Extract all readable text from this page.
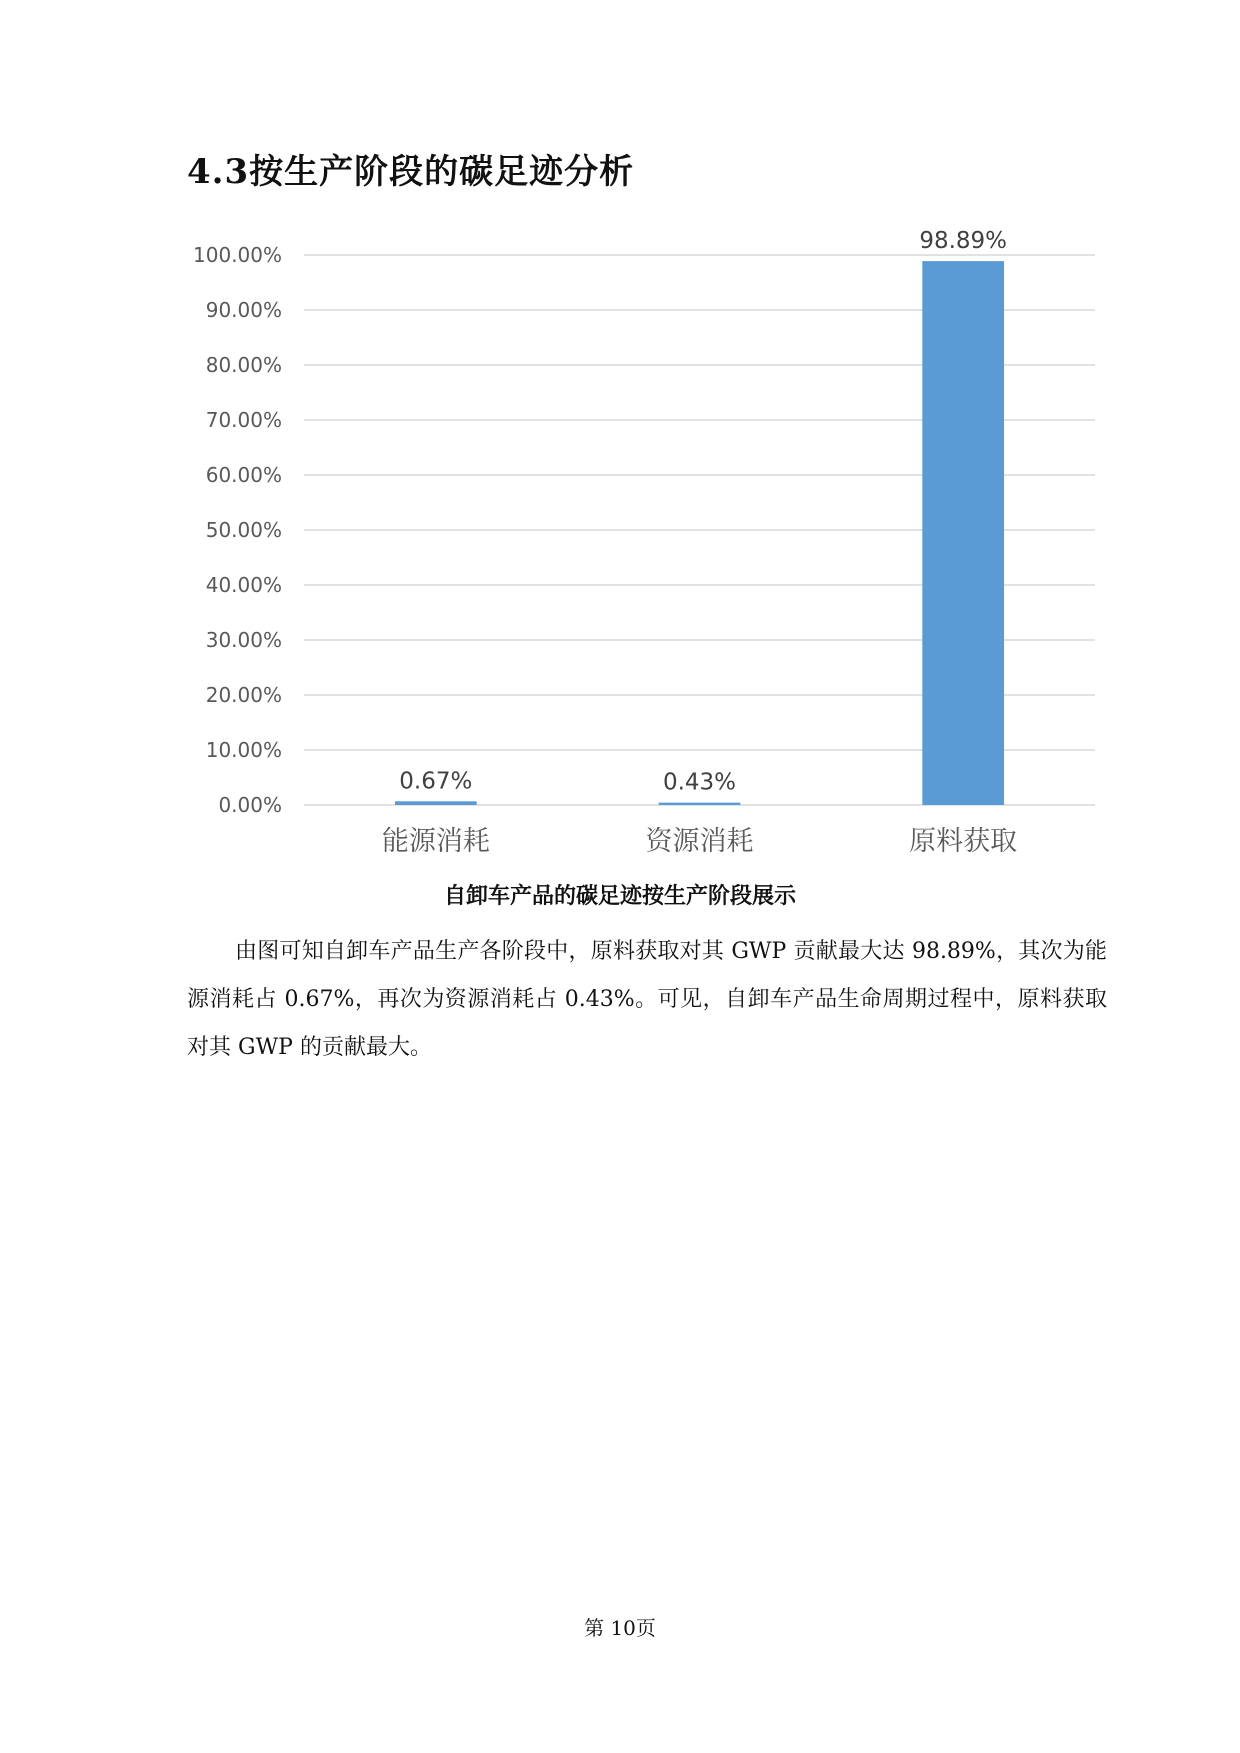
4.3按生产阶段的碳足迹分析
0.00%
10.00%
20.00%
30.00%
40.00%
50.00%
60.00%
70.00%
80.00%
90.00%
100.00%
0.67%	0.43%
98.89%
能源消耗	资源消耗	原料获取
自卸车产品的碳足迹按生产阶段展示

由图可知自卸车产品生产各阶段中，原料获取对其 GWP 贡献最大达 98.89%，其次为能源消耗占 0.67%，再次为资源消耗占 0.43%。可见，自卸车产品生命周期过程中，原料获取对其 GWP 的贡献最大。

第 10页
